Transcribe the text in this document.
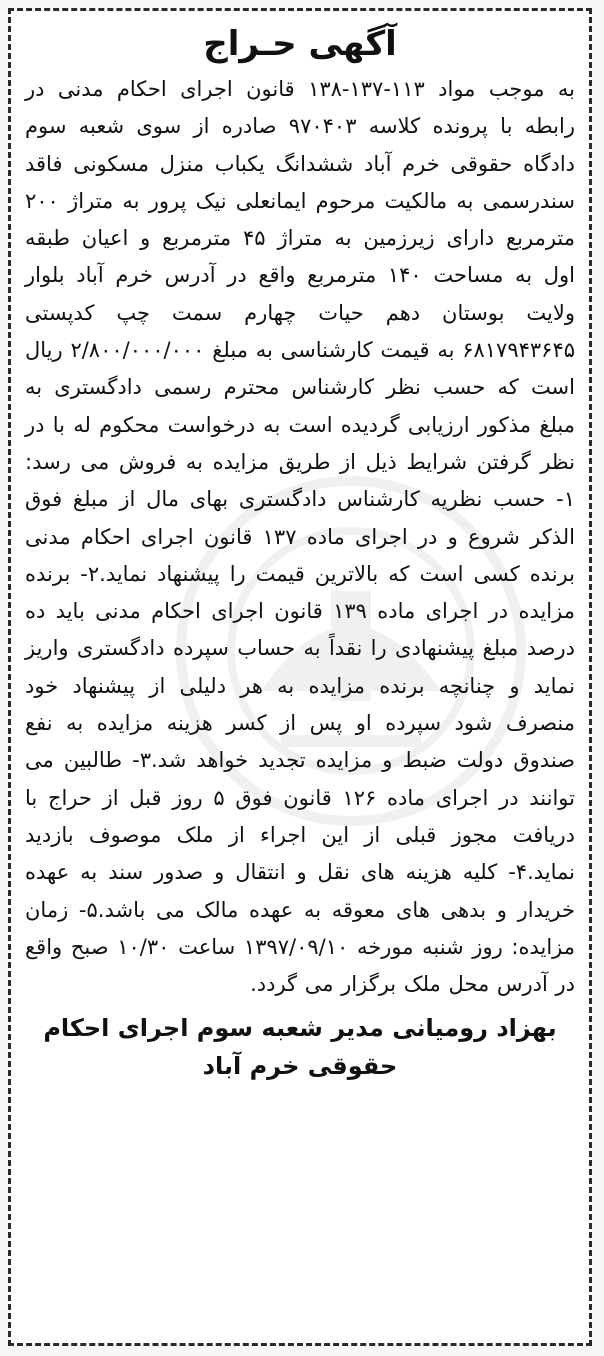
آگهی حـراج

به موجب مواد ۱۱۳-۱۳۷-۱۳۸ قانون اجرای احکام مدنی در رابطه با پرونده کلاسه ۹۷۰۴۰۳ صادره از سوی شعبه سوم دادگاه حقوقی خرم آباد ششدانگ یکباب منزل مسکونی فاقد سندرسمی به مالکیت مرحوم ایمانعلی نیک پرور به متراژ ۲۰۰ مترمربع دارای زیرزمین به متراژ ۴۵ مترمربع و اعیان طبقه اول به مساحت ۱۴۰ مترمربع واقع در آدرس خرم آباد بلوار ولایت بوستان دهم حیات چهارم سمت چپ کدپستی ۶۸۱۷۹۴۳۶۴۵ به قیمت کارشناسی به مبلغ ۲/۸۰۰/۰۰۰/۰۰۰ ریال است که حسب نظر کارشناس محترم رسمی دادگستری به مبلغ مذکور ارزیابی گردیده است به درخواست محکوم له با در نظر گرفتن شرایط ذیل از طریق مزایده به فروش می رسد: ۱- حسب نظریه کارشناس دادگستری بهای مال از مبلغ فوق الذکر شروع و در اجرای ماده ۱۳۷ قانون اجرای احکام مدنی برنده کسی است که بالاترین قیمت را پیشنهاد نماید.۲- برنده مزایده در اجرای ماده ۱۳۹ قانون اجرای احکام مدنی باید ده درصد مبلغ پیشنهادی را نقداً به حساب سپرده دادگستری واریز نماید و چنانچه برنده مزایده به هر دلیلی از پیشنهاد خود منصرف شود سپرده او پس از کسر هزینه مزایده به نفع صندوق دولت ضبط و مزایده تجدید خواهد شد.۳- طالبین می توانند در اجرای ماده ۱۲۶ قانون فوق ۵ روز قبل از حراج با دریافت مجوز قبلی از این اجراء از ملک موصوف بازدید نماید.۴- کلیه هزینه های نقل و انتقال و صدور سند به عهده خریدار و بدهی های معوقه به عهده مالک می باشد.۵- زمان مزایده: روز شنبه مورخه ۱۳۹۷/۰۹/۱۰ ساعت ۱۰/۳۰ صبح واقع در آدرس محل ملک برگزار می گردد.

بهزاد رومیانی مدیر شعبه سوم اجرای احکام حقوقی خرم آباد
